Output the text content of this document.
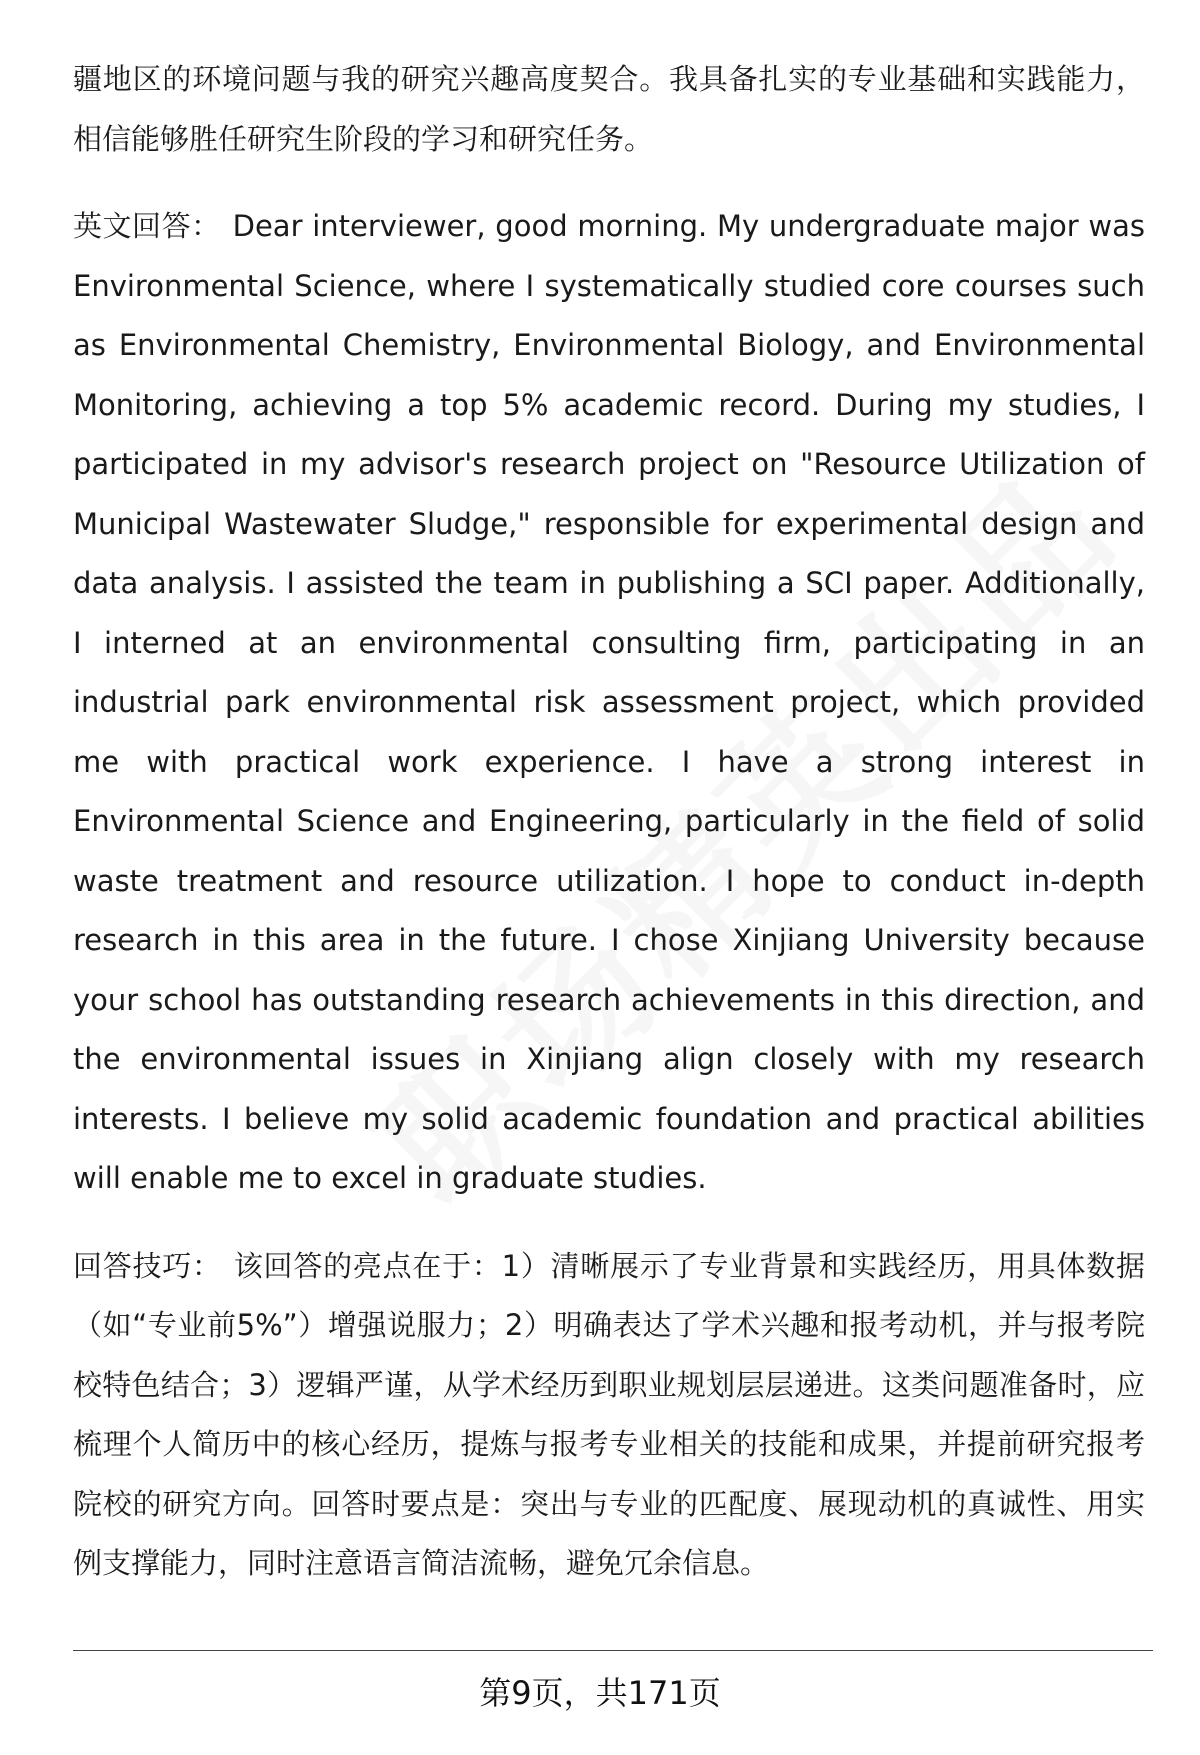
疆地区的环境问题与我的研究兴趣高度契合。我具备扎实的专业基础和实践能力，相信能够胜任研究生阶段的学习和研究任务。

英文回答： Dear interviewer, good morning. My undergraduate major was Environmental Science, where I systematically studied core courses such as Environmental Chemistry, Environmental Biology, and Environmental Monitoring, achieving a top 5% academic record. During my studies, I participated in my advisor's research project on "Resource Utilization of Municipal Wastewater Sludge," responsible for experimental design and data analysis. I assisted the team in publishing a SCI paper. Additionally, I interned at an environmental consulting firm, participating in an industrial park environmental risk assessment project, which provided me with practical work experience. I have a strong interest in Environmental Science and Engineering, particularly in the field of solid waste treatment and resource utilization. I hope to conduct in-depth research in this area in the future. I chose Xinjiang University because your school has outstanding research achievements in this direction, and the environmental issues in Xinjiang align closely with my research interests. I believe my solid academic foundation and practical abilities will enable me to excel in graduate studies.

回答技巧： 该回答的亮点在于：1）清晰展示了专业背景和实践经历，用具体数据（如“专业前5%”）增强说服力；2）明确表达了学术兴趣和报考动机，并与报考院校特色结合；3）逻辑严谨，从学术经历到职业规划层层递进。这类问题准备时，应梳理个人简历中的核心经历，提炼与报考专业相关的技能和成果，并提前研究报考院校的研究方向。回答时要点是：突出与专业的匹配度、展现动机的真诚性、用实例支撑能力，同时注意语言简洁流畅，避免冗余信息。

第9页，共171页
